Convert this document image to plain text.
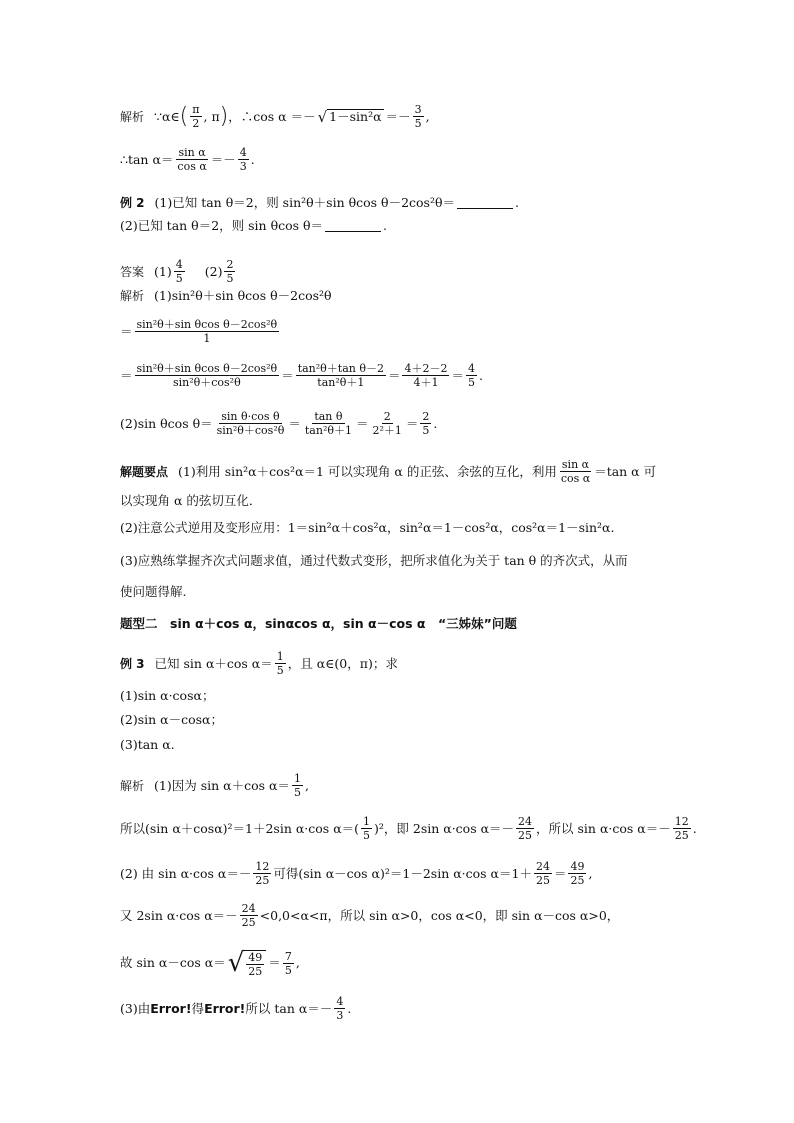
解析 ∵α∈ ( $\frac{\pi}{2}$ , π ) ，∴cos α ＝－ √ $1-\sin^2\alpha =- \frac{3}{5}$ ,
∴tan $\alpha= \frac{\text{sin α}}{\text{cos α}} =- \frac{4}{3}$ .
例 2 (1)已知 tan θ＝2，则 sin²θ＋sin θcos θ－2cos²θ＝	.
(2)已知 tan θ＝2，则 sin θcos θ＝	.
答案 $(1) \frac{4}{5} (2) \frac{2}{5}$
解析 (1)sin²θ＋sin θcos θ－2cos²θ
＝ $\frac{\text{sin²θ＋sin θcos θ－2cos²θ}}{1}$
＝ $\frac{\text{sin²θ＋sin θcos θ－2cos²θ}}{\text{sin²θ＋cos²θ}} = \frac{\text{tan²θ＋tan θ－2}}{\text{tan²θ＋1}} = \frac{4+2-2}{4+1} = \frac{4}{5}$ .
(2)sin θcos $\theta= \frac{\text{sin θ·cos θ}}{\text{sin²θ＋cos²θ}} = \frac{\text{tan θ}}{\text{tan²θ＋1}} = \frac{2}{\text{2²＋1}} = \frac{2}{5}$ .
解题要点 (1)利用 sin²α＋cos²α＝1 可以实现角 α 的正弦、余弦的互化，利用 $\frac{\text{sin α}}{\text{cos α}} =\tan$ α 可
以实现角 α 的弦切互化．
(2)注意公式逆用及变形应用：1＝sin²α＋cos²α，sin²α＝1－cos²α，cos²α＝1－sin²α.
(3)应熟练掌握齐次式问题求值，通过代数式变形，把所求值化为关于 tan θ 的齐次式，从而
使问题得解.
题型二　sin α＋cos α，sinαcos α，sin α－cos α　“三姊妹”问题
例 3 已知 sin α＋cos $\alpha= \frac{1}{5}$ ，且 α∈(0，π)；求
(1)sin α·cosα；
(2)sin α－cosα；
(3)tan α.
解析 (1)因为 sin α＋cos $\alpha= \frac{1}{5}$ ,
所以(sin α＋cosα)²＝1＋2sin α·cos $\alpha=( \frac{1}{5} )^2$，即 2sin α·cos $\alpha=- \frac{24}{25}$ ，所以 sin α·cos $\alpha=- \frac{12}{25}$ .
(2) 由 sin α·cos $\alpha=- \frac{12}{25}$ 可得(sin α－cos α)²＝1－2sin α·cos $\alpha=1+ \frac{24}{25} = \frac{49}{25}$ ,
又 2sin α·cos $\alpha=- \frac{24}{25} <0,0<\alpha<\pi$，所以 sin α>0，cos α<0，即 sin α－cos α>0，
故 sin α－cos α＝ √ $\frac{49}{25} = \frac{7}{5}$ ,
(3)由 Error! 得 Error! 所以 $\tan \alpha=- \frac{4}{3}$ .
